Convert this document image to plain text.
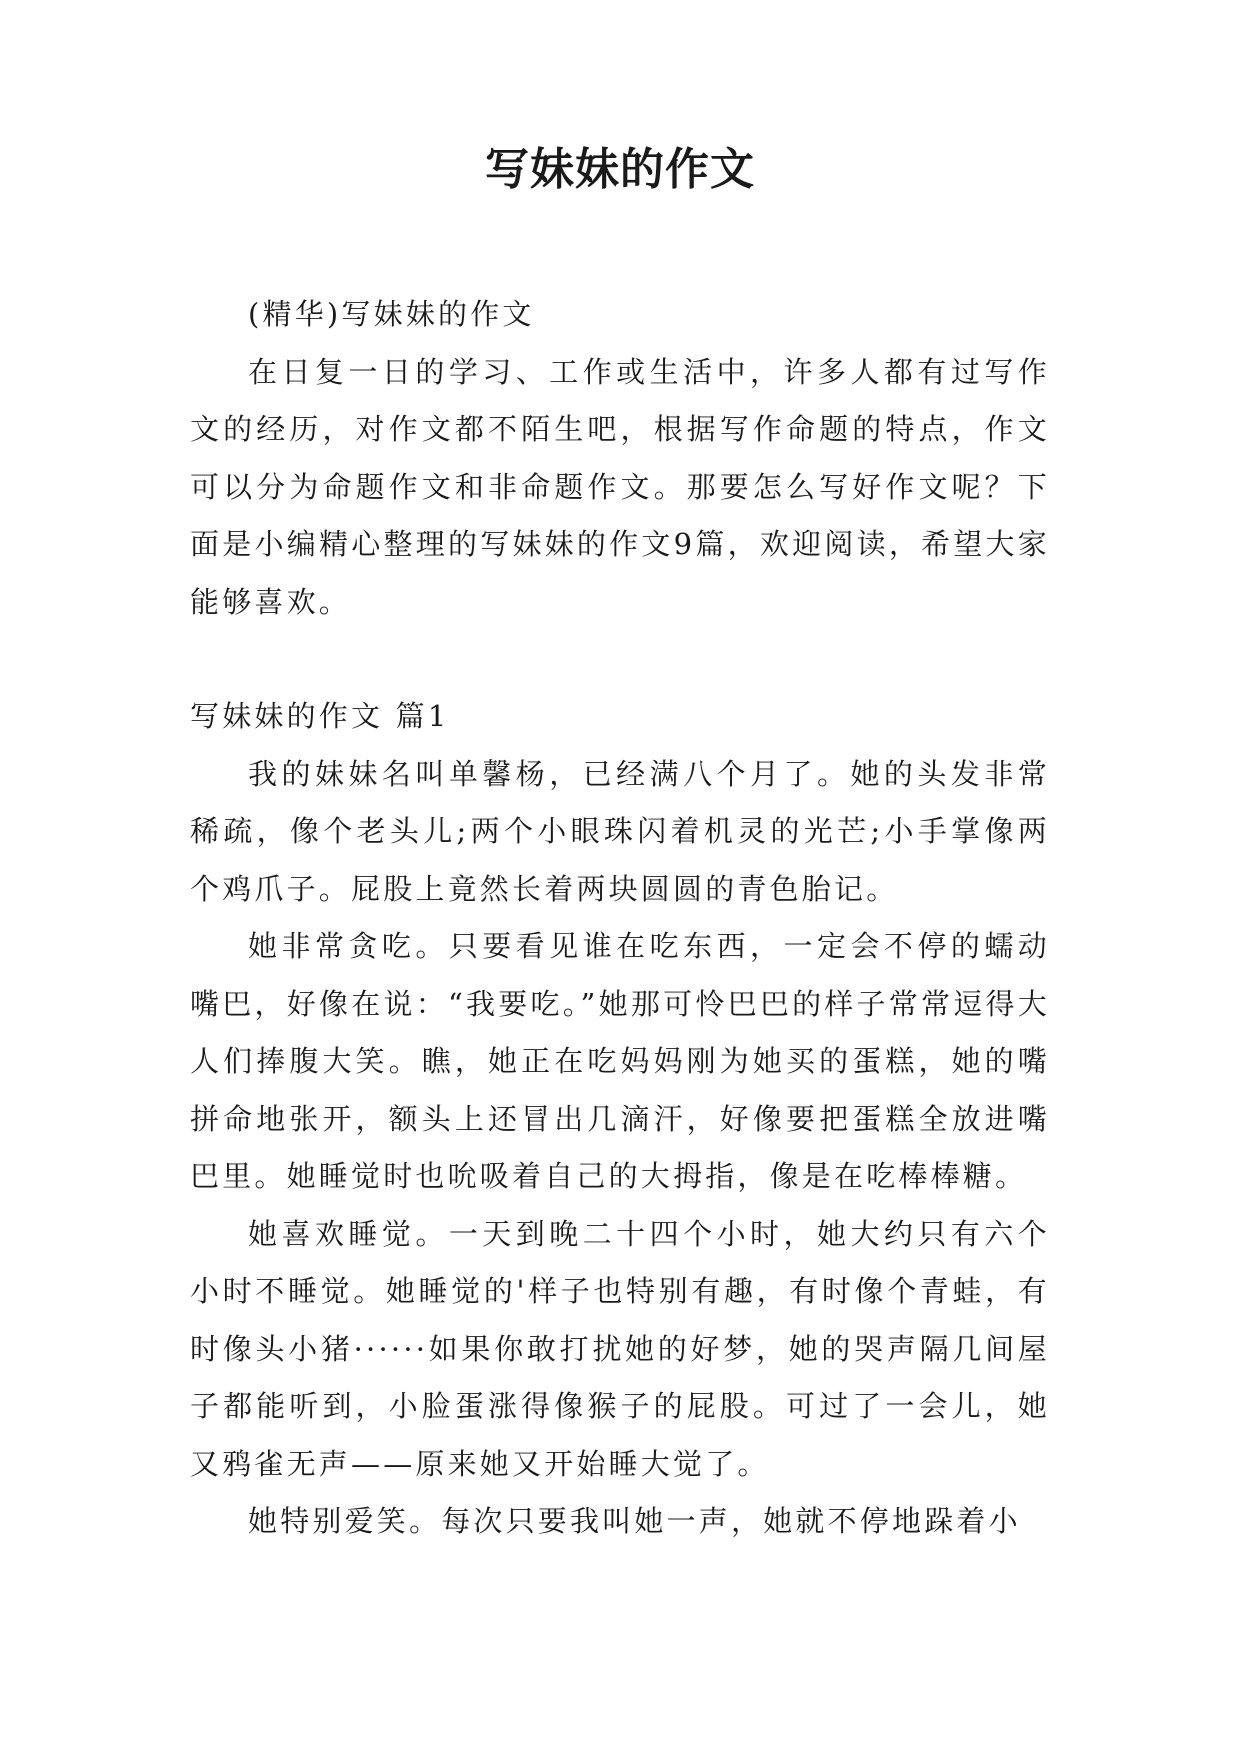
写妹妹的作文

(精华)写妹妹的作文

在日复一日的学习、工作或生活中，许多人都有过写作文的经历，对作文都不陌生吧，根据写作命题的特点，作文可以分为命题作文和非命题作文。那要怎么写好作文呢？下面是小编精心整理的写妹妹的作文9篇，欢迎阅读，希望大家能够喜欢。

写妹妹的作文 篇1

我的妹妹名叫单馨杨，已经满八个月了。她的头发非常稀疏，像个老头儿;两个小眼珠闪着机灵的光芒;小手掌像两个鸡爪子。屁股上竟然长着两块圆圆的青色胎记。

她非常贪吃。只要看见谁在吃东西，一定会不停的蠕动嘴巴，好像在说：“我要吃。”她那可怜巴巴的样子常常逗得大人们捧腹大笑。瞧，她正在吃妈妈刚为她买的蛋糕，她的嘴拼命地张开，额头上还冒出几滴汗，好像要把蛋糕全放进嘴巴里。她睡觉时也吮吸着自己的大拇指，像是在吃棒棒糖。

她喜欢睡觉。一天到晚二十四个小时，她大约只有六个小时不睡觉。她睡觉的'样子也特别有趣，有时像个青蛙，有时像头小猪······如果你敢打扰她的好梦，她的哭声隔几间屋子都能听到，小脸蛋涨得像猴子的屁股。可过了一会儿，她又鸦雀无声——原来她又开始睡大觉了。

她特别爱笑。每次只要我叫她一声，她就不停地跺着小
